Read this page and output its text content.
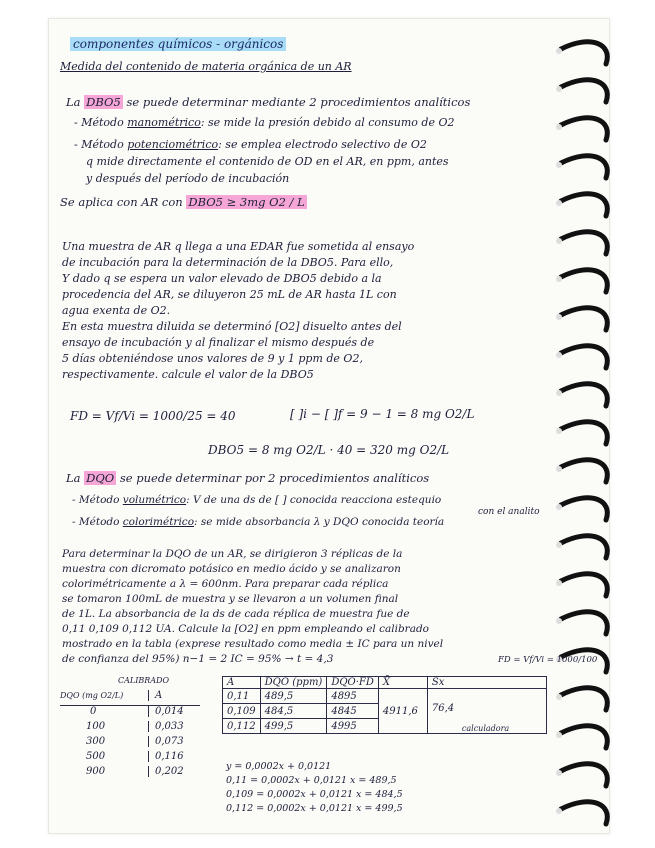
componentes químicos - orgánicos
Medida del contenido de materia orgánica de un AR
La DBO5 se puede determinar mediante 2 procedimientos analíticos
- Método manométrico: se mide la presión debido al consumo de O2
- Método potenciométrico: se emplea electrodo selectivo de O2
q mide directamente el contenido de OD en el AR, en ppm, antes
y después del período de incubación
Se aplica con AR con DBO5 ≥ 3mg O2 / L
Una muestra de AR q llega a una EDAR fue sometida al ensayo
de incubación para la determinación de la DBO5. Para ello,
Y dado q se espera un valor elevado de DBO5 debido a la
procedencia del AR, se diluyeron 25 mL de AR hasta 1L con
agua exenta de O2.
En esta muestra diluida se determinó [O2] disuelto antes del
ensayo de incubación y al finalizar el mismo después de
5 días obteniéndose unos valores de 9 y 1 ppm de O2,
respectivamente. calcule el valor de la DBO5
FD = Vf/Vi = 1000/25 = 40	[ ]i − [ ]f = 9 − 1 = 8 mg O2/L
DBO5 = 8 mg O2/L · 40 = 320 mg O2/L
La DQO se puede determinar por 2 procedimientos analíticos
- Método volumétrico: V de una ds de [ ] conocida reacciona estequio
con el analito
- Método colorimétrico: se mide absorbancia λ y DQO conocida teoría
Para determinar la DQO de un AR, se dirigieron 3 réplicas de la
muestra con dicromato potásico en medio ácido y se analizaron
colorimétricamente a λ = 600nm. Para preparar cada réplica
se tomaron 100mL de muestra y se llevaron a un volumen final
de 1L. La absorbancia de la ds de cada réplica de muestra fue de
0,11 0,109 0,112 UA. Calcule la [O2] en ppm empleando el calibrado
mostrado en la tabla (exprese resultado como media ± IC para un nivel
de confianza del 95%) n−1 = 2 IC = 95% → t = 4,3	FD = Vf/Vi = 1000/100
CALIBRADO
DQO (mg O2/L)	A
0	0,014
100	0,033
300	0,073
500	0,116
900	0,202
A	DQO (ppm)	DQO·FD	X̄	Sx
0,11	489,5	4895	4911,6	76,4
calculadora

0,109	484,5	4845		
0,112	499,5	4995		
y = 0,0002x + 0,0121
0,11 = 0,0002x + 0,0121 x = 489,5
0,109 = 0,0002x + 0,0121 x = 484,5
0,112 = 0,0002x + 0,0121 x = 499,5
